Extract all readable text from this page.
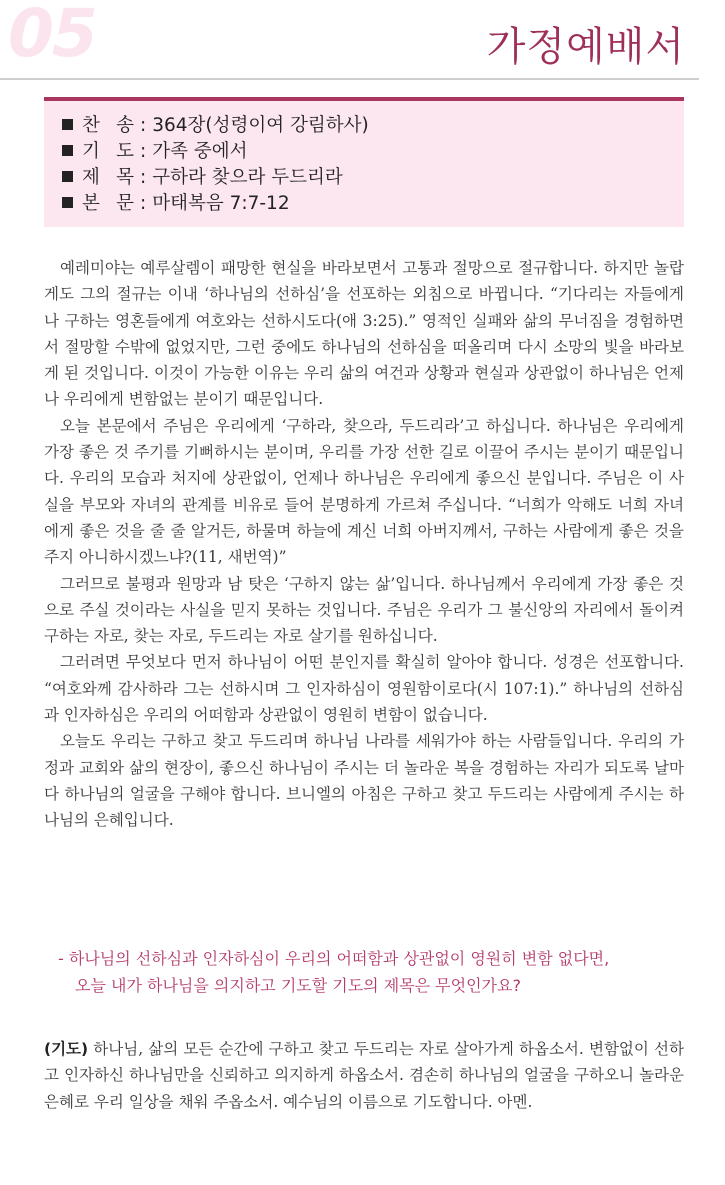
05	가정예배서
찬 송 : 364장(성령이여 강림하사)
기 도 : 가족 중에서
제 목 : 구하라 찾으라 두드리라
본 문 : 마태복음 7:7-12

예레미야는 예루살렘이 패망한 현실을 바라보면서 고통과 절망으로 절규합니다. 하지만 놀랍게도 그의 절규는 이내 ‘하나님의 선하심’을 선포하는 외침으로 바뀝니다. “기다리는 자들에게나 구하는 영혼들에게 여호와는 선하시도다(애 3:25).” 영적인 실패와 삶의 무너짐을 경험하면서 절망할 수밖에 없었지만, 그런 중에도 하나님의 선하심을 떠올리며 다시 소망의 빛을 바라보게 된 것입니다. 이것이 가능한 이유는 우리 삶의 여건과 상황과 현실과 상관없이 하나님은 언제나 우리에게 변함없는 분이기 때문입니다.

오늘 본문에서 주님은 우리에게 ‘구하라, 찾으라, 두드리라’고 하십니다. 하나님은 우리에게 가장 좋은 것 주기를 기뻐하시는 분이며, 우리를 가장 선한 길로 이끌어 주시는 분이기 때문입니다. 우리의 모습과 처지에 상관없이, 언제나 하나님은 우리에게 좋으신 분입니다. 주님은 이 사실을 부모와 자녀의 관계를 비유로 들어 분명하게 가르쳐 주십니다. “너희가 악해도 너희 자녀에게 좋은 것을 줄 줄 알거든, 하물며 하늘에 계신 너희 아버지께서, 구하는 사람에게 좋은 것을 주지 아니하시겠느냐?(11, 새번역)”

그러므로 불평과 원망과 남 탓은 ‘구하지 않는 삶’입니다. 하나님께서 우리에게 가장 좋은 것으로 주실 것이라는 사실을 믿지 못하는 것입니다. 주님은 우리가 그 불신앙의 자리에서 돌이켜 구하는 자로, 찾는 자로, 두드리는 자로 살기를 원하십니다.

그러려면 무엇보다 먼저 하나님이 어떤 분인지를 확실히 알아야 합니다. 성경은 선포합니다. “여호와께 감사하라 그는 선하시며 그 인자하심이 영원함이로다(시 107:1).” 하나님의 선하심과 인자하심은 우리의 어떠함과 상관없이 영원히 변함이 없습니다.

오늘도 우리는 구하고 찾고 두드리며 하나님 나라를 세워가야 하는 사람들입니다. 우리의 가정과 교회와 삶의 현장이, 좋으신 하나님이 주시는 더 놀라운 복을 경험하는 자리가 되도록 날마다 하나님의 얼굴을 구해야 합니다. 브니엘의 아침은 구하고 찾고 두드리는 사람에게 주시는 하나님의 은혜입니다.

- 하나님의 선하심과 인자하심이 우리의 어떠함과 상관없이 영원히 변함 없다면,
오늘 내가 하나님을 의지하고 기도할 기도의 제목은 무엇인가요?
(기도) 하나님, 삶의 모든 순간에 구하고 찾고 두드리는 자로 살아가게 하옵소서. 변함없이 선하고 인자하신 하나님만을 신뢰하고 의지하게 하옵소서. 겸손히 하나님의 얼굴을 구하오니 놀라운 은혜로 우리 일상을 채워 주옵소서. 예수님의 이름으로 기도합니다. 아멘.
